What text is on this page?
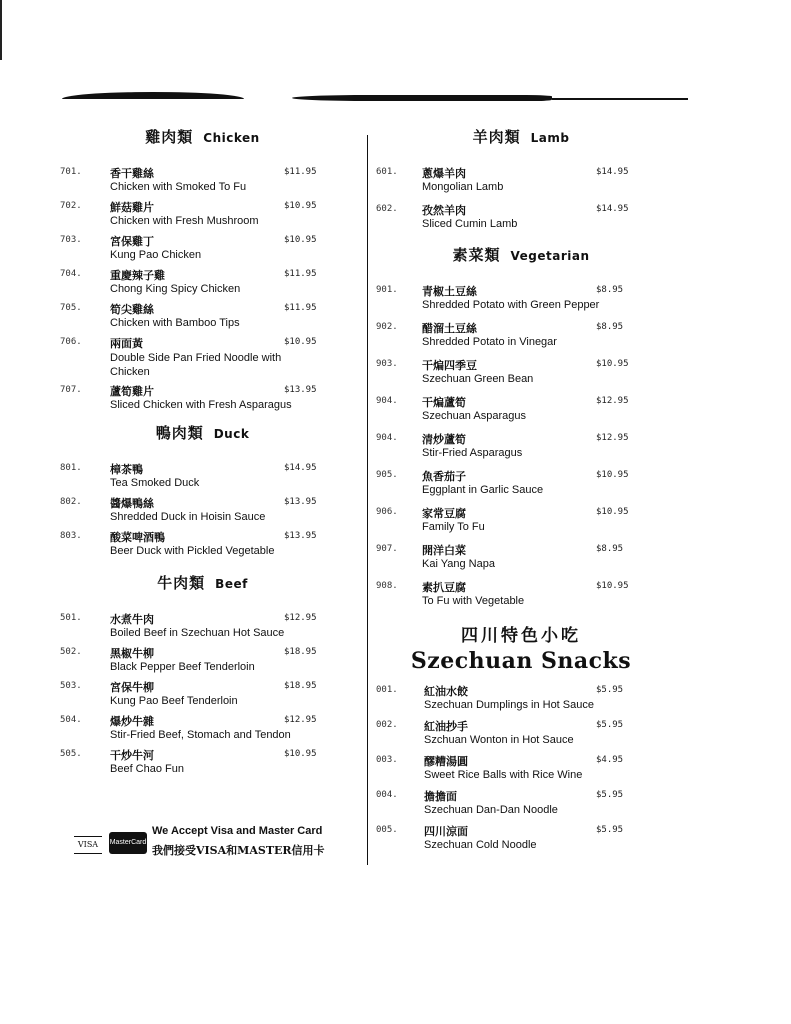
雞肉類 Chicken
701.	香干雞絲	$11.95
Chicken with Smoked To Fu
702.	鮮菇雞片	$10.95
Chicken with Fresh Mushroom
703.	宮保雞丁	$10.95
Kung Pao Chicken
704.	重慶辣子雞	$11.95
Chong King Spicy Chicken
705.	筍尖雞絲	$11.95
Chicken with Bamboo Tips
706.	兩面黃	$10.95
Double Side Pan Fried Noodle with Chicken
707.	蘆筍雞片	$13.95
Sliced Chicken with Fresh Asparagus
鴨肉類 Duck
801.	樟茶鴨	$14.95
Tea Smoked Duck
802.	醬爆鴨絲	$13.95
Shredded Duck in Hoisin Sauce
803.	酸菜啤酒鴨	$13.95
Beer Duck with Pickled Vegetable
牛肉類 Beef
501.	水煮牛肉	$12.95
Boiled Beef in Szechuan Hot Sauce
502.	黑椒牛柳	$18.95
Black Pepper Beef Tenderloin
503.	宮保牛柳	$18.95
Kung Pao Beef Tenderloin
504.	爆炒牛雜	$12.95
Stir-Fried Beef, Stomach and Tendon
505.	干炒牛河	$10.95
Beef Chao Fun
羊肉類 Lamb
601.	蔥爆羊肉	$14.95
Mongolian Lamb
602.	孜然羊肉	$14.95
Sliced Cumin Lamb
素菜類 Vegetarian
901.	青椒土豆絲	$8.95
Shredded Potato with Green Pepper
902.	醋溜土豆絲	$8.95
Shredded Potato in Vinegar
903.	干煸四季豆	$10.95
Szechuan Green Bean
904.	干煸蘆筍	$12.95
Szechuan Asparagus
904.	清炒蘆筍	$12.95
Stir-Fried Asparagus
905.	魚香茄子	$10.95
Eggplant in Garlic Sauce
906.	家常豆腐	$10.95
Family To Fu
907.	開洋白菜	$8.95
Kai Yang Napa
908.	素扒豆腐	$10.95
To Fu with Vegetable
四川特色小吃
Szechuan Snacks
001.	紅油水餃	$5.95
Szechuan Dumplings in Hot Sauce
002.	紅油抄手	$5.95
Szchuan Wonton in Hot Sauce
003.	醪糟湯圓	$4.95
Sweet Rice Balls with Rice Wine
004.	擔擔面	$5.95
Szechuan Dan-Dan Noodle
005.	四川涼面	$5.95
Szechuan Cold Noodle
VISA	MasterCard
We Accept Visa and Master Card
我們接受VISA和MASTER信用卡
